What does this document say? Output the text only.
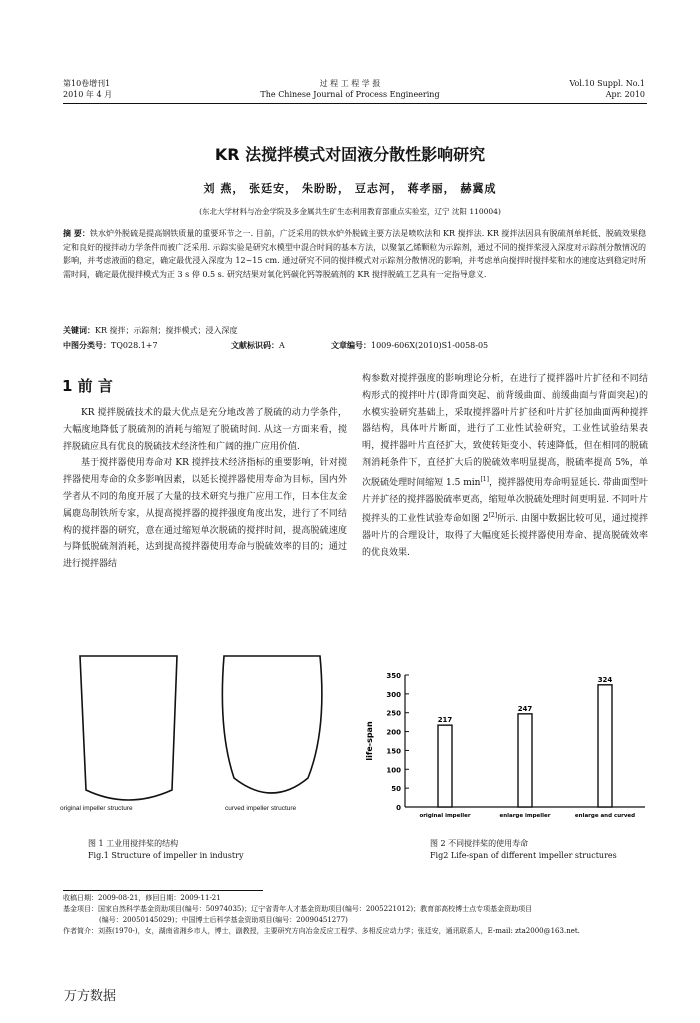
第10卷增刊1
2010 年 4 月
过 程 工 程 学 报
The Chinese Journal of Process Engineering
Vol.10 Suppl. No.1
Apr. 2010
KR 法搅拌模式对固液分散性影响研究
刘 燕， 张廷安， 朱盼盼， 豆志河， 蒋孝丽， 赫冀成
(东北大学材料与冶金学院及多金属共生矿生态利用教育部重点实验室，辽宁 沈阳 110004)
摘 要：铁水炉外脱硫是提高钢铁质量的重要环节之一. 目前，广泛采用的铁水炉外脱硫主要方法是喷吹法和 KR 搅拌法. KR 搅拌法因具有脱硫剂单耗低、脱硫效果稳定和良好的搅拌动力学条件而被广泛采用. 示踪实验是研究水模型中混合时间的基本方法，以聚氯乙烯颗粒为示踪剂，通过不同的搅拌桨浸入深度对示踪剂分散情况的影响，并考虑液面的稳定，确定最优浸入深度为 12~15 cm. 通过研究不同的搅拌模式对示踪剂分散情况的影响，并考虑单向搅拌时搅拌桨和水的速度达到稳定时所需时间，确定最优搅拌模式为正 3 s 停 0.5 s. 研究结果对氧化钙碳化钙等脱硫剂的 KR 搅拌脱硫工艺具有一定指导意义.
关键词：KR 搅拌；示踪剂；搅拌模式；浸入深度
中图分类号：TQ028.1+7	文献标识码：A	文章编号：1009-606X(2010)S1-0058-05
1 前 言

KR 搅拌脱硫技术的最大优点是充分地改善了脱硫的动力学条件，大幅度地降低了脱硫剂的消耗与缩短了脱硫时间. 从这一方面来看，搅拌脱硫应具有优良的脱硫技术经济性和广阔的推广应用价值.

基于搅拌器使用寿命对 KR 搅拌技术经济指标的重要影响，针对搅拌器使用寿命的众多影响因素，以延长搅拌器使用寿命为目标，国内外学者从不同的角度开展了大量的技术研究与推广应用工作，日本住友金属鹿岛制铁所专家，从提高搅拌器的搅拌强度角度出发，进行了不同结构的搅拌器的研究，意在通过缩短单次脱硫的搅拌时间，提高脱硫速度与降低脱硫剂消耗，达到提高搅拌器使用寿命与脱硫效率的目的；通过进行搅拌器结

构参数对搅拌强度的影响理论分析，在进行了搅拌器叶片扩径和不同结构形式的搅拌叶片(即背面突起、前背缓曲面、前缓曲面与背面突起)的水模实验研究基础上，采取搅拌器叶片扩径和叶片扩径加曲面两种搅拌器结构，具体叶片断面，进行了工业性试验研究，工业性试验结果表明，搅拌器叶片直径扩大，致使转矩变小、转速降低，但在相同的脱硫剂消耗条件下，直径扩大后的脱硫效率明显提高，脱硫率提高 5%，单次脱硫处理时间缩短 1.5 min[1]，搅拌器使用寿命明显延长. 带曲面型叶片并扩径的搅拌器脱硫率更高，缩短单次脱硫处理时间更明显. 不同叶片搅拌头的工业性试验寿命如图 2[2]所示. 由图中数据比较可见，通过搅拌器叶片的合理设计，取得了大幅度延长搅拌器使用寿命、提高脱硫效率的优良效果.

original impeller structure	curved impeller structure
图 1 工业用搅拌桨的结构
Fig.1 Structure of impeller in industry
0
50
100
150
200
250
300
350
life-span
217
original impeller
247
enlarge impeller
324
enlarge and curved
图 2 不同搅拌桨的使用寿命
Fig2 Life-span of different impeller structures
收稿日期：2009-08-21，修回日期：2009-11-21
基金项目：国家自然科学基金资助项目(编号：50974035)；辽宁省青年人才基金资助项目(编号：2005221012)；教育部高校博士点专项基金资助项目
(编号：20050145029)；中国博士后科学基金资助项目(编号：20090451277)
作者简介：刘燕(1970-)，女，湖南省湘乡市人，博士，副教授，主要研究方向冶金反应工程学、多相反应动力学；张廷安，通讯联系人，E-mail: zta2000@163.net.
万方数据
